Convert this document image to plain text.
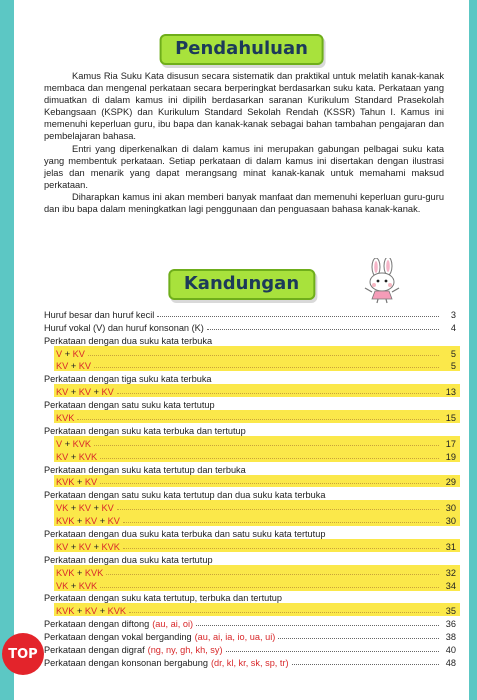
Pendahuluan

Kamus Ria Suku Kata disusun secara sistematik dan praktikal untuk melatih kanak-kanak membaca dan mengenal perkataan secara berperingkat berdasarkan suku kata. Perkataan yang dimuatkan di dalam kamus ini dipilih berdasarkan saranan Kurikulum Standard Prasekolah Kebangsaan (KSPK) dan Kurikulum Standard Sekolah Rendah (KSSR) Tahun I. Kamus ini memenuhi keperluan guru, ibu bapa dan kanak-kanak sebagai bahan tambahan pengajaran dan pembelajaran bahasa.

Entri yang diperkenalkan di dalam kamus ini merupakan gabungan pelbagai suku kata yang membentuk perkataan. Setiap perkataan di dalam kamus ini disertakan dengan ilustrasi jelas dan menarik yang dapat merangsang minat kanak-kanak untuk memahami maksud perkataan.

Diharapkan kamus ini akan memberi banyak manfaat dan memenuhi keperluan guru-guru dan ibu bapa dalam meningkatkan lagi penggunaan dan penguasaan bahasa kanak-kanak.

Kandungan
Huruf besar dan huruf kecil	3
Huruf vokal (V) dan huruf konsonan (K)	4
Perkataan dengan dua suku kata terbuka
V + KV	5
KV + KV	5
Perkataan dengan tiga suku kata terbuka
KV + KV + KV	13
Perkataan dengan satu suku kata tertutup
KVK	15
Perkataan dengan suku kata terbuka dan tertutup
V + KVK	17
KV + KVK	19
Perkataan dengan suku kata tertutup dan terbuka
KVK + KV	29
Perkataan dengan satu suku kata tertutup dan dua suku kata terbuka
VK + KV + KV	30
KVK + KV + KV	30
Perkataan dengan dua suku kata terbuka dan satu suku kata tertutup
KV + KV + KVK	31
Perkataan dengan dua suku kata tertutup
KVK + KVK	32
VK + KVK	34
Perkataan dengan suku kata tertutup, terbuka dan tertutup
KVK + KV + KVK	35
Perkataan dengan diftong (au, ai, oi)	36
Perkataan dengan vokal berganding (au, ai, ia, io, ua, ui)	38
Perkataan dengan digraf (ng, ny, gh, kh, sy)	40
Perkataan dengan konsonan bergabung (dr, kl, kr, sk, sp, tr)	48
TOP
